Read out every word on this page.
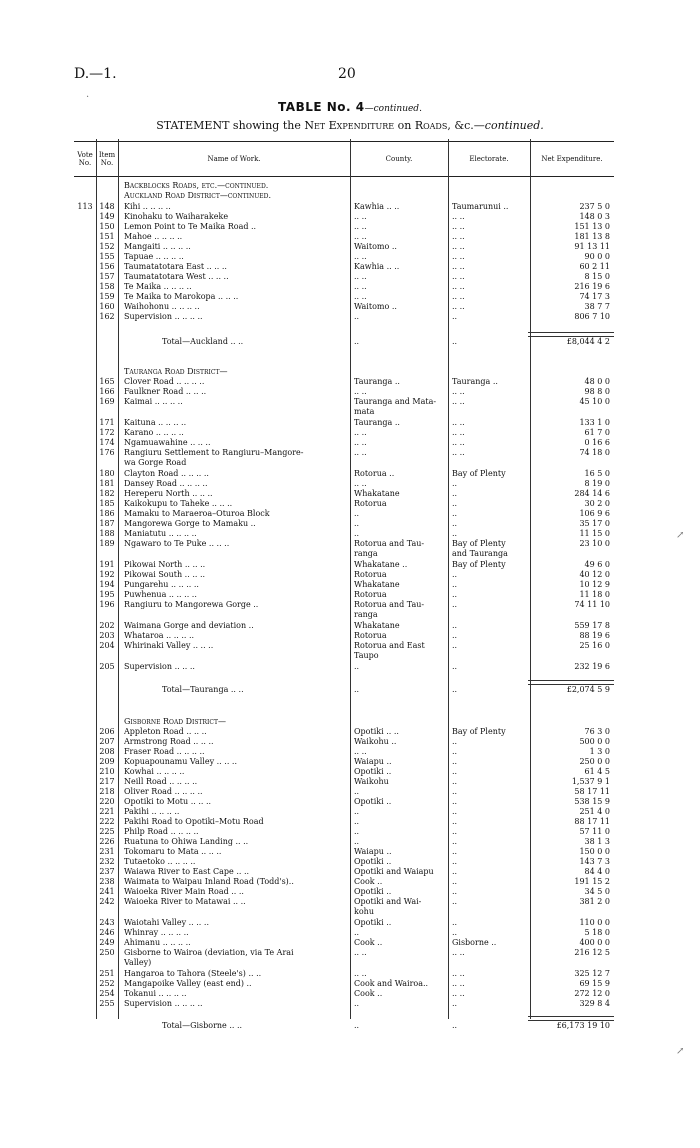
D.—1.	20
TABLE No. 4—continued.
STATEMENT showing the Net Expenditure on Roads, &c.—continued.
Vote No.
Item No.	Name of Work.	County.	Electorate.	Net Expenditure.
Backblocks Roads, etc.—continued.
Auckland Road District—continued.
113 148	Kihi .. .. .. ..	Kawhia .. ..	Taumarunui ..	237 5 0
149	Kinohaku to Waiharakeke	.. ..	.. ..	148 0 3
150	Lemon Point to Te Maika Road ..	.. ..	.. ..	151 13 0
151	Mahoe .. .. .. ..	.. ..	.. ..	181 13 8
152	Mangaiti .. .. .. ..	Waitomo ..	.. ..	91 13 11
155	Tapuae .. .. .. ..	.. ..	.. ..	90 0 0
156	Taumatatotara East .. .. ..	Kawhia .. ..	.. ..	60 2 11
157	Taumatatotara West .. .. ..	.. ..	.. ..	8 15 0
158	Te Maika .. .. .. ..	.. ..	.. ..	216 19 6
159	Te Maika to Marokopa .. .. ..	.. ..	.. ..	74 17 3
160	Waihohonu .. .. .. ..	Waitomo ..	.. ..	38 7 7
162	Supervision .. .. .. ..	..	..	806 7 10
Total—Auckland .. ..	..	..	£8,044 4 2
Tauranga Road District—
165	Clover Road .. .. .. ..	Tauranga ..	Tauranga ..	48 0 0
166	Faulkner Road .. .. ..	.. ..	.. ..	98 8 0
169	Kaimai .. .. .. ..	Tauranga and Mata-	.. ..	45 10 0
mata
171	Kaituna .. .. .. ..	Tauranga ..	.. ..	133 1 0
172	Karano .. .. .. ..	.. ..	.. ..	61 7 0
174	Ngamuawahine .. .. ..	.. ..	.. ..	0 16 6
176	Rangiuru Settlement to Rangiuru–Mangore-	.. ..	.. ..	74 18 0
wa Gorge Road
180	Clayton Road .. .. .. ..	Rotorua ..	Bay of Plenty	16 5 0
181	Dansey Road .. .. .. ..	.. ..	..	8 19 0
182	Hereperu North .. .. ..	Whakatane	..	284 14 6
185	Kaikokupu to Taheke .. .. ..	Rotorua	..	30 2 0
186	Mamaku to Maraeroa–Oturoa Block	..	..	106 9 6
187	Mangorewa Gorge to Mamaku ..	..	..	35 17 0
188	Maniatutu .. .. .. ..	..	..	11 15 0
189	Ngawaro to Te Puke .. .. ..	Rotorua and Tau-	Bay of Plenty	23 10 0
ranga	and Tauranga
191	Pikowai North .. .. ..	Whakatane ..	Bay of Plenty	49 6 0
192	Pikowai South .. .. ..	Rotorua	..	40 12 0
194	Pungarehu .. .. .. ..	Whakatane	..	10 12 9
195	Puwhenua .. .. .. ..	Rotorua	..	11 18 0
196	Rangiuru to Mangorewa Gorge ..	Rotorua and Tau-	..	74 11 10
ranga
202	Waimana Gorge and deviation ..	Whakatane	..	559 17 8
203	Whataroa .. .. .. ..	Rotorua	..	88 19 6
204	Whirinaki Valley .. .. ..	Rotorua and East	..	25 16 0
Taupo
205	Supervision .. .. ..	..	..	232 19 6
Total—Tauranga .. ..	..	..	£2,074 5 9
Gisborne Road District—
206	Appleton Road .. .. ..	Opotiki .. ..	Bay of Plenty	76 3 0
207	Armstrong Road .. .. ..	Waikohu ..	..	500 0 0
208	Fraser Road .. .. .. ..	.. ..	..	1 3 0
209	Kopuapounamu Valley .. .. ..	Waiapu ..	..	250 0 0
210	Kowhai .. .. .. ..	Opotiki ..	..	61 4 5
217	Neill Road .. .. .. ..	Waikohu	..	1,537 9 1
218	Oliver Road .. .. .. ..	..	..	58 17 11
220	Opotiki to Motu .. .. ..	Opotiki ..	..	538 15 9
221	Pakihi .. .. .. ..	..	..	251 4 0
222	Pakihi Road to Opotiki–Motu Road	..	..	88 17 11
225	Philp Road .. .. .. ..	..	..	57 11 0
226	Ruatuna to Ohiwa Landing .. ..	..	..	38 1 3
231	Tokomaru to Mata .. .. ..	Waiapu ..	..	150 0 0
232	Tutaetoko .. .. .. ..	Opotiki ..	..	143 7 3
237	Waiawa River to East Cape .. ..	Opotiki and Waiapu	..	84 4 0
238	Waimata to Waipau Inland Road (Todd's)..	Cook ..	..	191 15 2
241	Waioeka River Main Road .. ..	Opotiki ..	..	34 5 0
242	Waioeka River to Matawai .. ..	Opotiki and Wai-	..	381 2 0
kohu
243	Waiotahi Valley .. .. ..	Opotiki ..	..	110 0 0
246	Whinray .. .. .. ..	..	..	5 18 0
249	Ahimanu .. .. .. ..	Cook ..	Gisborne ..	400 0 0
250	Gisborne to Wairoa (deviation, via Te Arai	.. ..	.. ..	216 12 5
Valley)
251	Hangaroa to Tahora (Steele's) .. ..	.. ..	.. ..	325 12 7
252	Mangapoike Valley (east end) ..	Cook and Wairoa..	.. ..	69 15 9
254	Tokanui .. .. .. ..	Cook ..	.. ..	272 12 0
255	Supervision .. .. .. ..	..	..	329 8 4
Total—Gisborne .. ..	..	..	£6,173 19 10
·
↗
↗
